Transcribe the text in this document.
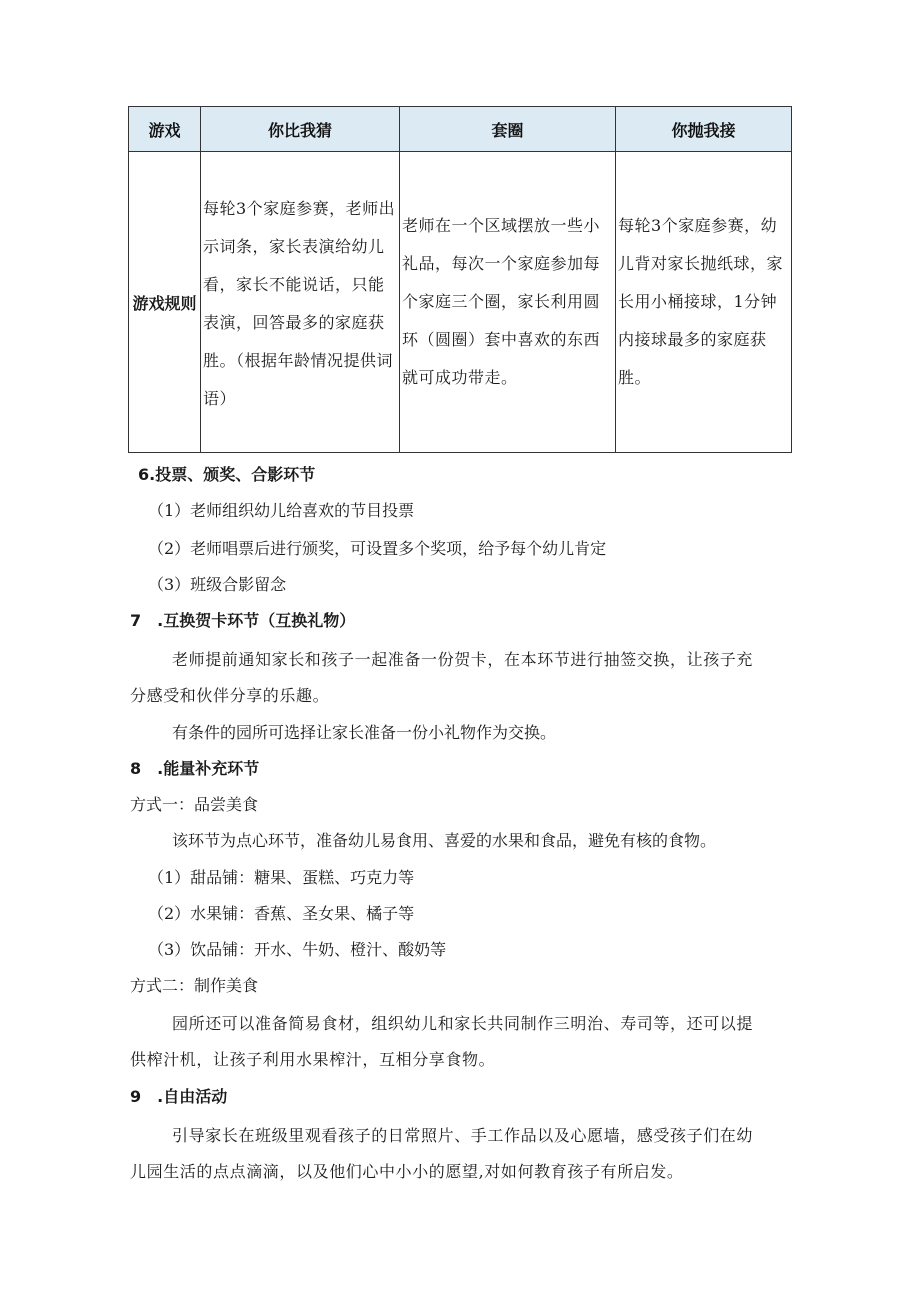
游戏	你比我猜	套圈	你抛我接
游戏规则	每轮3个家庭参赛，老师出示词条，家长表演给幼儿看，家长不能说话，只能表演，回答最多的家庭获胜。（根据年龄情况提供词语）	老师在一个区域摆放一些小礼品，每次一个家庭参加每个家庭三个圈，家长利用圆环（圆圈）套中喜欢的东西就可成功带走。	每轮3个家庭参赛，幼儿背对家长抛纸球，家长用小桶接球，1分钟内接球最多的家庭获胜。
6.投票、颁奖、合影环节
（1）老师组织幼儿给喜欢的节目投票
（2）老师唱票后进行颁奖，可设置多个奖项，给予每个幼儿肯定
（3）班级合影留念
7　.互换贺卡环节（互换礼物）
老师提前通知家长和孩子一起准备一份贺卡，在本环节进行抽签交换，让孩子充分感受和伙伴分享的乐趣。
有条件的园所可选择让家长准备一份小礼物作为交换。
8　.能量补充环节
方式一：品尝美食
该环节为点心环节，准备幼儿易食用、喜爱的水果和食品，避免有核的食物。
（1）甜品铺：糖果、蛋糕、巧克力等
（2）水果铺：香蕉、圣女果、橘子等
（3）饮品铺：开水、牛奶、橙汁、酸奶等
方式二：制作美食
园所还可以准备简易食材，组织幼儿和家长共同制作三明治、寿司等，还可以提供榨汁机，让孩子利用水果榨汁，互相分享食物。
9　.自由活动
引导家长在班级里观看孩子的日常照片、手工作品以及心愿墙，感受孩子们在幼儿园生活的点点滴滴，以及他们心中小小的愿望,对如何教育孩子有所启发。
